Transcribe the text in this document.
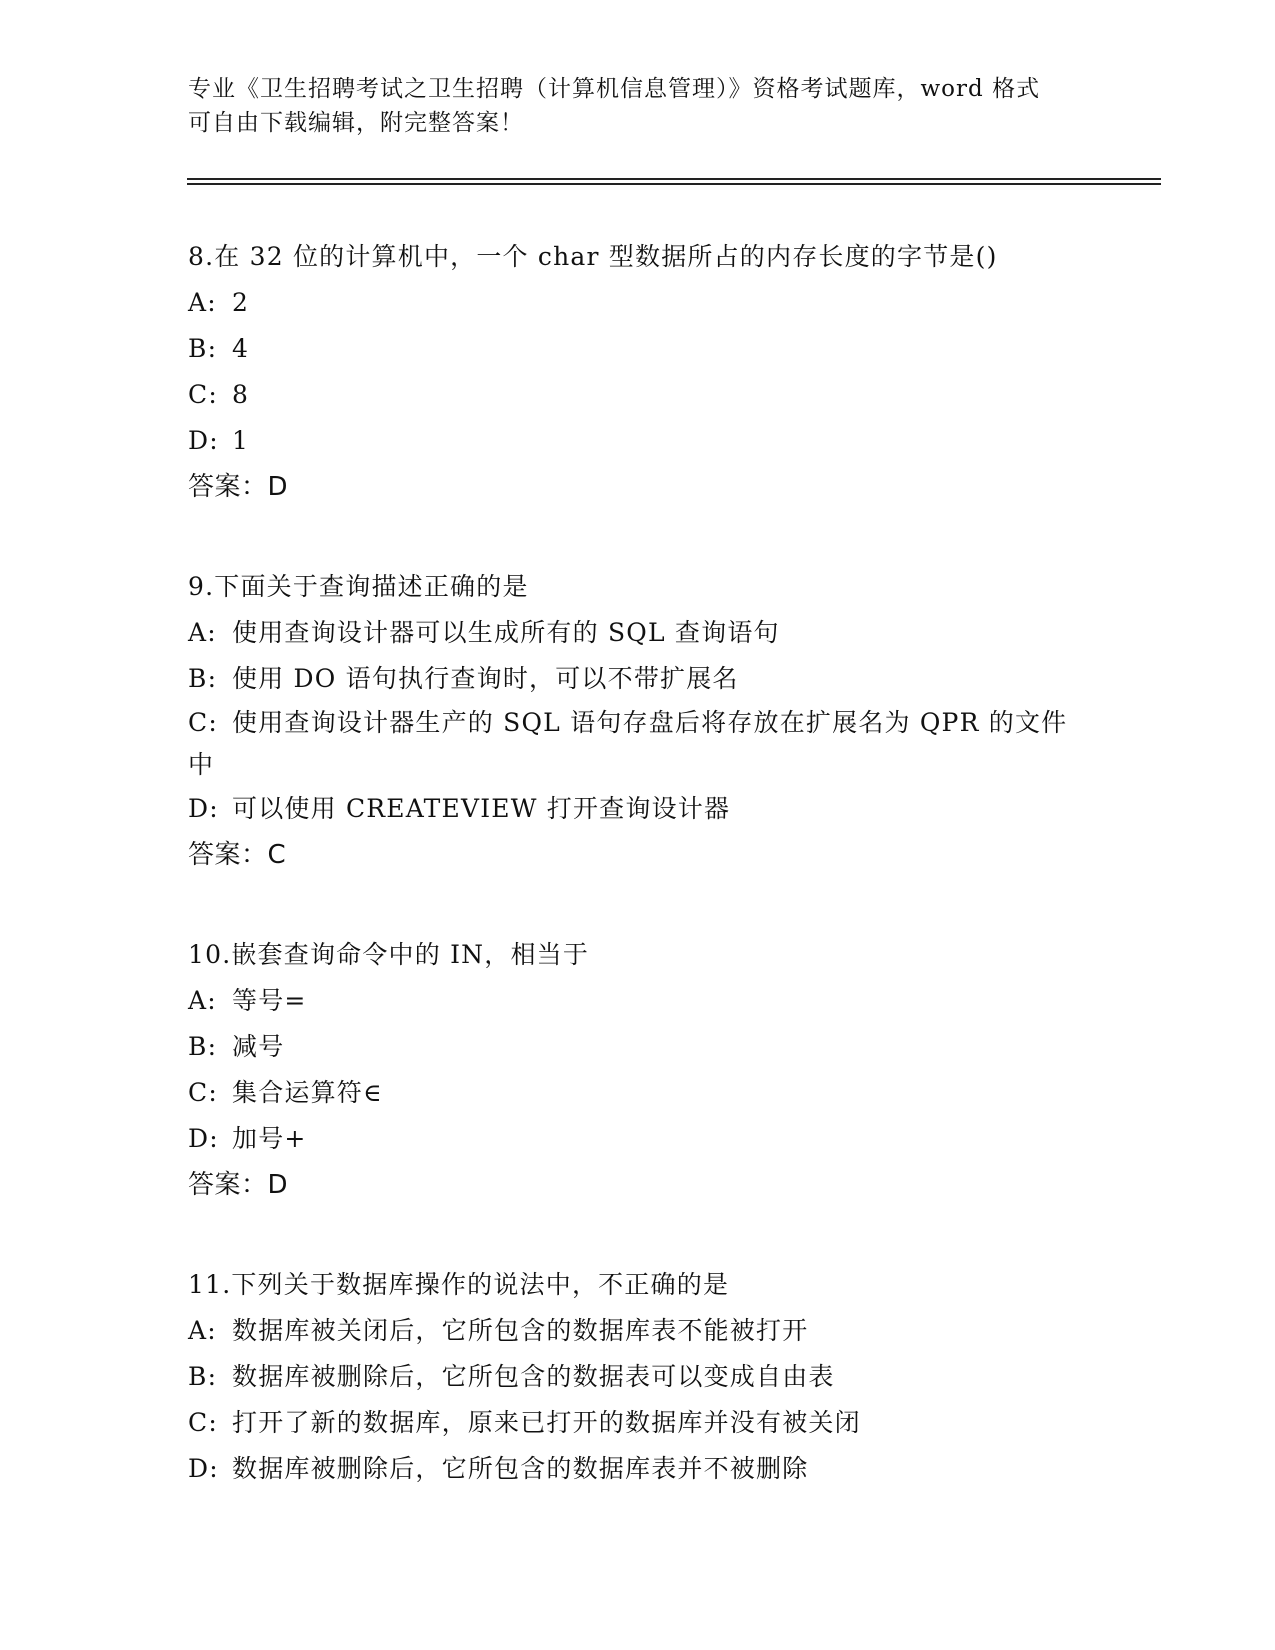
专业《卫生招聘考试之卫生招聘（计算机信息管理）》资格考试题库，word 格式
可自由下载编辑，附完整答案！
8.在 32 位的计算机中，一个 char 型数据所占的内存长度的字节是()
A: 2
B: 4
C: 8
D: 1
答案：D
9.下面关于查询描述正确的是
A: 使用查询设计器可以生成所有的 SQL 查询语句
B: 使用 DO 语句执行查询时，可以不带扩展名
C: 使用查询设计器生产的 SQL 语句存盘后将存放在扩展名为 QPR 的文件中
D: 可以使用 CREATEVIEW 打开查询设计器
答案：C
10.嵌套查询命令中的 IN，相当于
A: 等号=
B: 减号
C: 集合运算符∈
D: 加号+
答案：D
11.下列关于数据库操作的说法中，不正确的是
A: 数据库被关闭后，它所包含的数据库表不能被打开
B: 数据库被删除后，它所包含的数据表可以变成自由表
C: 打开了新的数据库，原来已打开的数据库并没有被关闭
D: 数据库被删除后，它所包含的数据库表并不被删除
